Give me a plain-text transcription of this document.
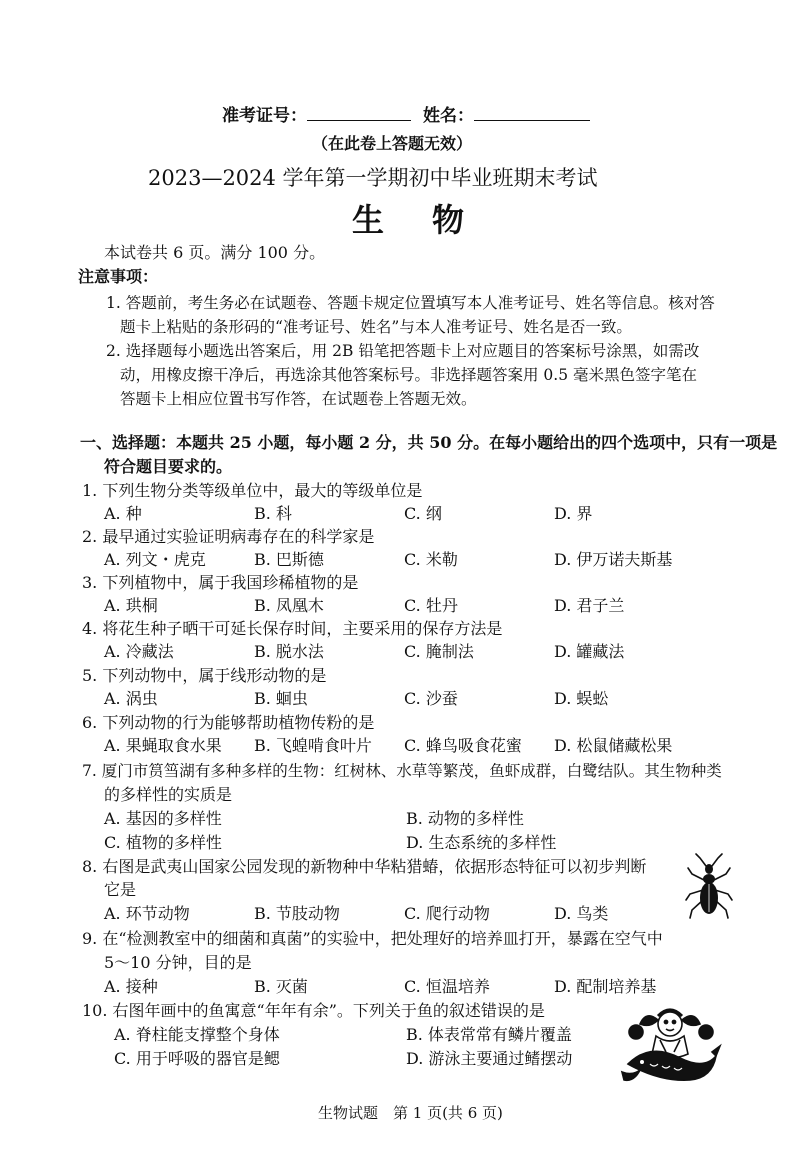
准考证号：	姓名：
（在此卷上答题无效）
2023—2024 学年第一学期初中毕业班期末考试
生　物
本试卷共 6 页。满分 100 分。
注意事项：
1. 答题前，考生务必在试题卷、答题卡规定位置填写本人准考证号、姓名等信息。核对答
题卡上粘贴的条形码的“准考证号、姓名”与本人准考证号、姓名是否一致。
2. 选择题每小题选出答案后，用 2B 铅笔把答题卡上对应题目的答案标号涂黑，如需改
动，用橡皮擦干净后，再选涂其他答案标号。非选择题答案用 0.5 毫米黑色签字笔在
答题卡上相应位置书写作答，在试题卷上答题无效。
一、选择题：本题共 25 小题，每小题 2 分，共 50 分。在每小题给出的四个选项中，只有一项是
符合题目要求的。
1. 下列生物分类等级单位中，最大的等级单位是
A. 种	B. 科	C. 纲	D. 界
2. 最早通过实验证明病毒存在的科学家是
A. 列文・虎克	B. 巴斯德	C. 米勒	D. 伊万诺夫斯基
3. 下列植物中，属于我国珍稀植物的是
A. 珙桐	B. 凤凰木	C. 牡丹	D. 君子兰
4. 将花生种子晒干可延长保存时间，主要采用的保存方法是
A. 冷藏法	B. 脱水法	C. 腌制法	D. 罐藏法
5. 下列动物中，属于线形动物的是
A. 涡虫	B. 蛔虫	C. 沙蚕	D. 蜈蚣
6. 下列动物的行为能够帮助植物传粉的是
A. 果蝇取食水果 B. 飞蝗啃食叶片 C. 蜂鸟吸食花蜜 D. 松鼠储藏松果
7. 厦门市筼筜湖有多种多样的生物：红树林、水草等繁茂，鱼虾成群，白鹭结队。其生物种类
的多样性的实质是
A. 基因的多样性	B. 动物的多样性
C. 植物的多样性	D. 生态系统的多样性
8. 右图是武夷山国家公园发现的新物种中华粘猎蝽，依据形态特征可以初步判断
它是
A. 环节动物	B. 节肢动物	C. 爬行动物	D. 鸟类
9. 在“检测教室中的细菌和真菌”的实验中，把处理好的培养皿打开，暴露在空气中
5～10 分钟，目的是
A. 接种	B. 灭菌	C. 恒温培养	D. 配制培养基
10. 右图年画中的鱼寓意“年年有余”。下列关于鱼的叙述错误的是
A. 脊柱能支撑整个身体	B. 体表常常有鳞片覆盖
C. 用于呼吸的器官是鳃	D. 游泳主要通过鳍摆动
生物试题　第 1 页(共 6 页)
